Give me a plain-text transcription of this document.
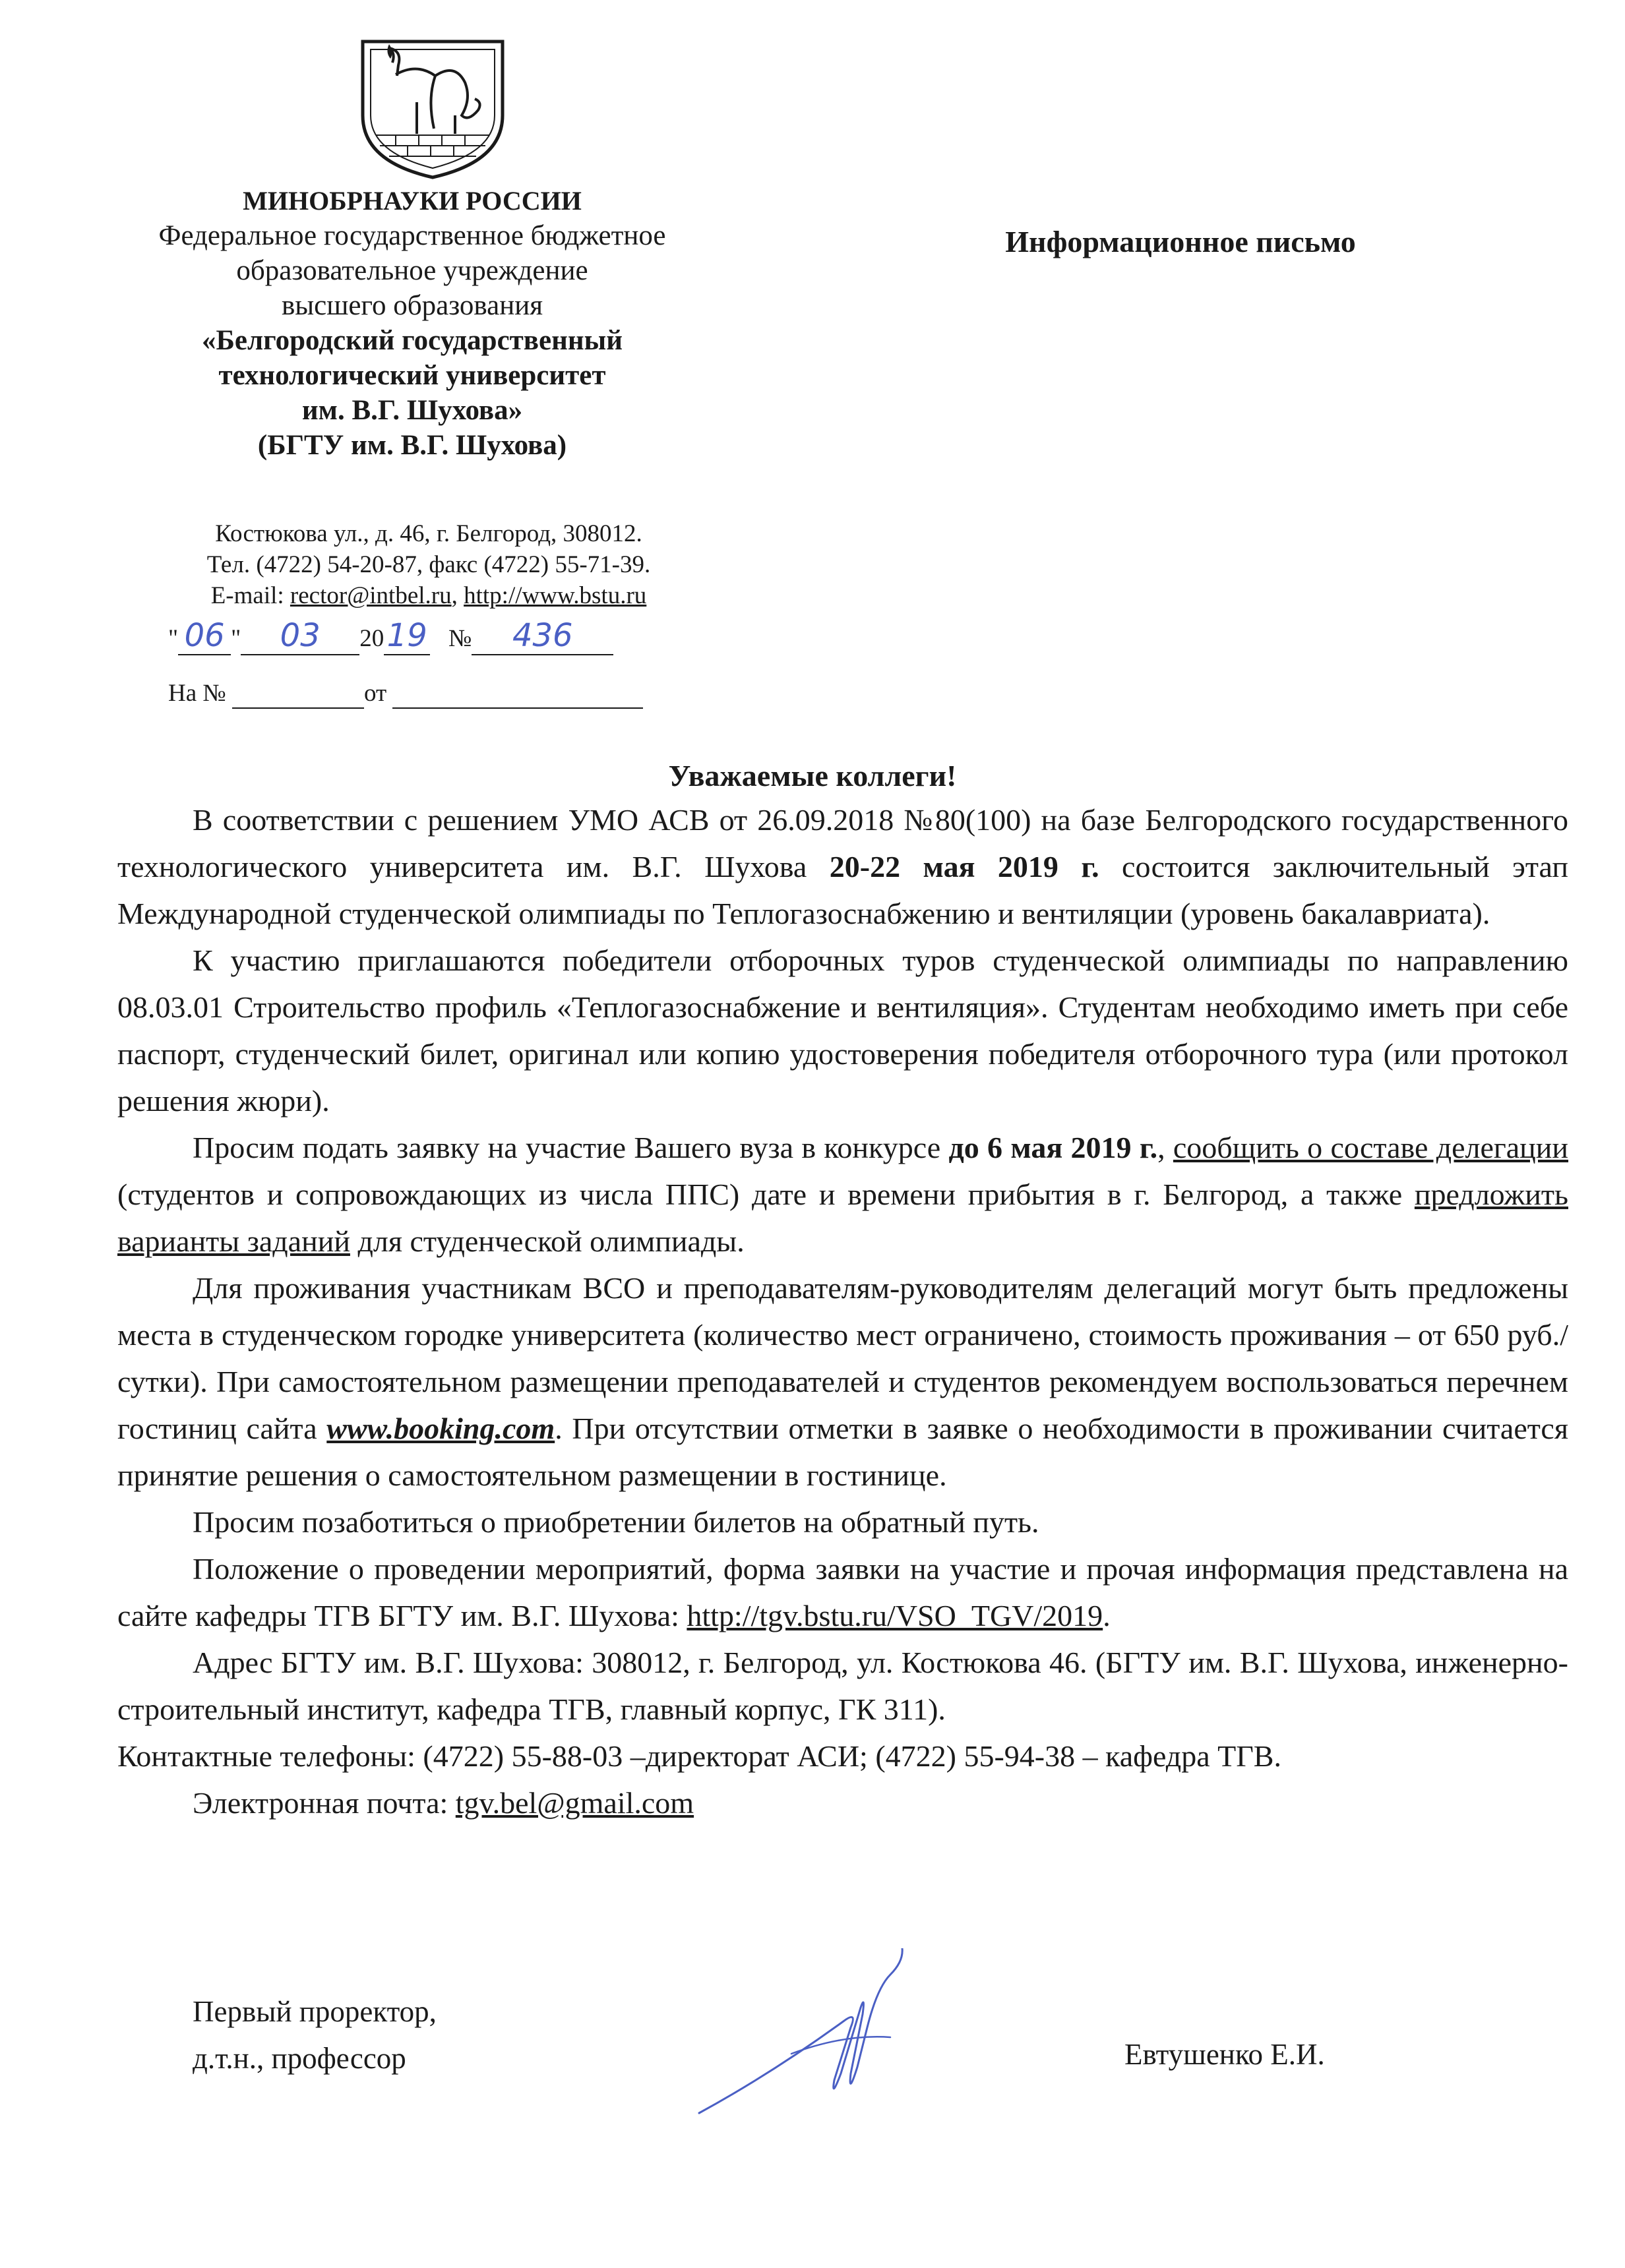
МИНОБРНАУКИ РОССИИ
Федеральное государственное бюджетное
образовательное учреждение
высшего образования
«Белгородский государственный
технологический университет
им. В.Г. Шухова»
(БГТУ им. В.Г. Шухова)
Информационное письмо
Костюкова ул., д. 46, г. Белгород, 308012.
Тел. (4722) 54-20-87, факс (4722) 55-71-39.
E-mail: rector@intbel.ru, http://www.bstu.ru
" 06 " 03 2019 № 436
На №	от
Уважаемые коллеги!

В соответствии с решением УМО АСВ от 26.09.2018 №80(100) на базе Белгородского государственного технологического университета им. В.Г. Шухова 20-22 мая 2019 г. состоится заключительный этап Международной студенческой олимпиады по Теплогазоснабжению и вентиляции (уровень бакалавриата).

К участию приглашаются победители отборочных туров студенческой олимпиады по направлению 08.03.01 Строительство профиль «Теплогазоснабжение и вентиляция». Студентам необходимо иметь при себе паспорт, студенческий билет, оригинал или копию удостоверения победителя отборочного тура (или протокол решения жюри).

Просим подать заявку на участие Вашего вуза в конкурсе до 6 мая 2019 г., сообщить о составе делегации (студентов и сопровождающих из числа ППС) дате и времени прибытия в г. Белгород, а также предложить варианты заданий для студенческой олимпиады.

Для проживания участникам ВСО и преподавателям-руководителям делегаций могут быть предложены места в студенческом городке университета (количество мест ограничено, стоимость проживания – от 650 руб./сутки). При самостоятельном размещении преподавателей и студентов рекомендуем воспользоваться перечнем гостиниц сайта www.booking.com. При отсутствии отметки в заявке о необходимости в проживании считается принятие решения о самостоятельном размещении в гостинице.

Просим позаботиться о приобретении билетов на обратный путь.

Положение о проведении мероприятий, форма заявки на участие и прочая информация представлена на сайте кафедры ТГВ БГТУ им. В.Г. Шухова: http://tgv.bstu.ru/VSO_TGV/2019.

Адрес БГТУ им. В.Г. Шухова: 308012, г. Белгород, ул. Костюкова 46. (БГТУ им. В.Г. Шухова, инженерно-строительный институт, кафедра ТГВ, главный корпус, ГК 311).

Контактные телефоны: (4722) 55-88-03 –директорат АСИ; (4722) 55-94-38 – кафедра ТГВ.

Электронная почта: tgv.bel@gmail.com

Первый проректор,
д.т.н., профессор	Евтушенко Е.И.
